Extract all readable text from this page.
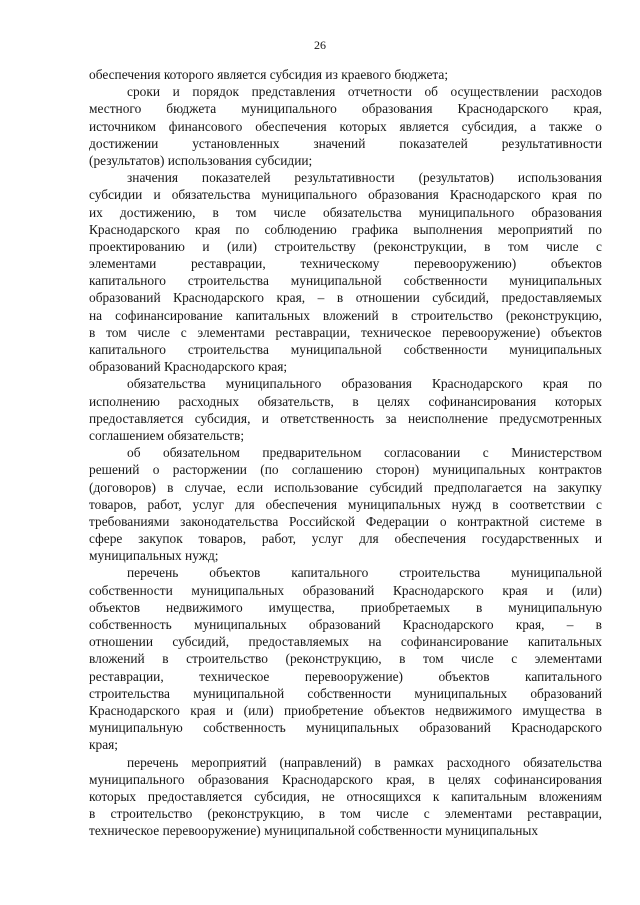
26
обеспечения которого является субсидия из краевого бюджета;
сроки и порядок представления отчетности об осуществлении расходов
местного бюджета муниципального образования Краснодарского края,
источником финансового обеспечения которых является субсидия, а также о
достижении установленных значений показателей результативности
(результатов) использования субсидии;
значения показателей результативности (результатов) использования
субсидии и обязательства муниципального образования Краснодарского края по
их достижению, в том числе обязательства муниципального образования
Краснодарского края по соблюдению графика выполнения мероприятий по
проектированию и (или) строительству (реконструкции, в том числе с
элементами реставрации, техническому перевооружению) объектов
капитального строительства муниципальной собственности муниципальных
образований Краснодарского края, – в отношении субсидий, предоставляемых
на софинансирование капитальных вложений в строительство (реконструкцию,
в том числе с элементами реставрации, техническое перевооружение) объектов
капитального строительства муниципальной собственности муниципальных
образований Краснодарского края;
обязательства муниципального образования Краснодарского края по
исполнению расходных обязательств, в целях софинансирования которых
предоставляется субсидия, и ответственность за неисполнение предусмотренных
соглашением обязательств;
об обязательном предварительном согласовании с Министерством
решений о расторжении (по соглашению сторон) муниципальных контрактов
(договоров) в случае, если использование субсидий предполагается на закупку
товаров, работ, услуг для обеспечения муниципальных нужд в соответствии с
требованиями законодательства Российской Федерации о контрактной системе в
сфере закупок товаров, работ, услуг для обеспечения государственных и
муниципальных нужд;
перечень объектов капитального строительства муниципальной
собственности муниципальных образований Краснодарского края и (или)
объектов недвижимого имущества, приобретаемых в муниципальную
собственность муниципальных образований Краснодарского края, – в
отношении субсидий, предоставляемых на софинансирование капитальных
вложений в строительство (реконструкцию, в том числе с элементами
реставрации, техническое перевооружение) объектов капитального
строительства муниципальной собственности муниципальных образований
Краснодарского края и (или) приобретение объектов недвижимого имущества в
муниципальную собственность муниципальных образований Краснодарского
края;
перечень мероприятий (направлений) в рамках расходного обязательства
муниципального образования Краснодарского края, в целях софинансирования
которых предоставляется субсидия, не относящихся к капитальным вложениям
в строительство (реконструкцию, в том числе с элементами реставрации,
техническое перевооружение) муниципальной собственности муниципальных
